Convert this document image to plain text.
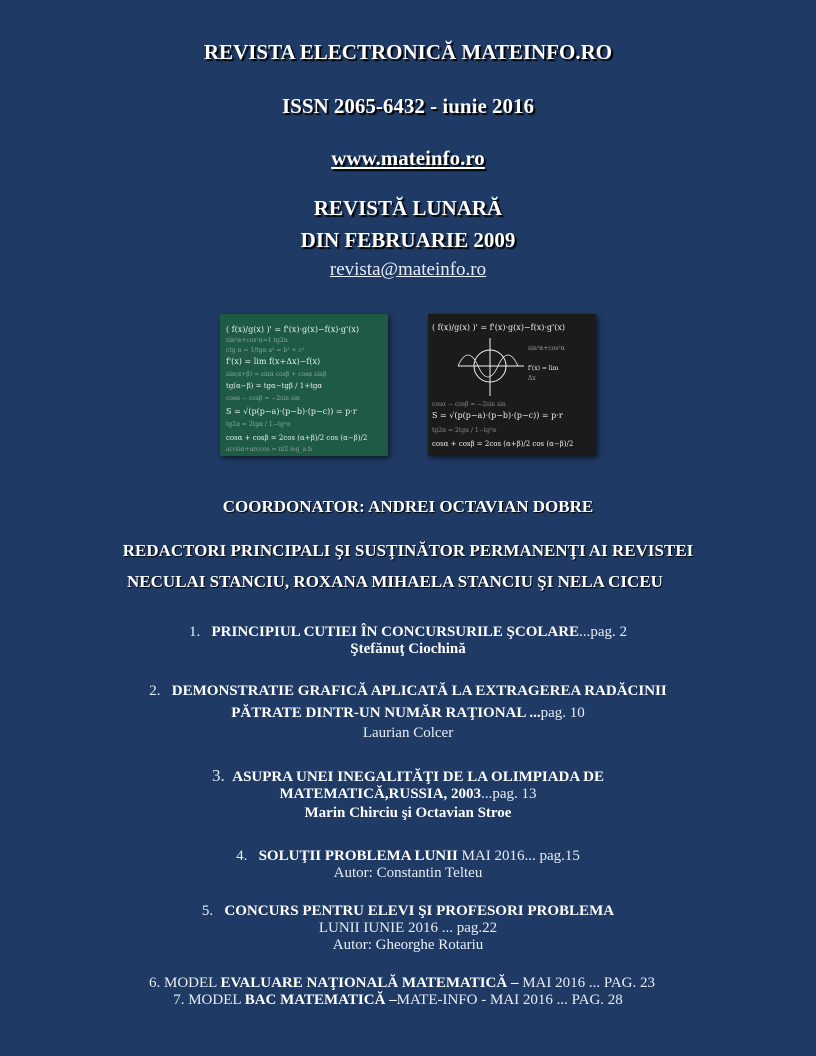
REVISTA ELECTRONICĂ MATEINFO.RO
ISSN 2065-6432 - iunie 2016
www.mateinfo.ro
REVISTĂ LUNARĂ
DIN FEBRUARIE 2009
revista@mateinfo.ro
( f(x)/g(x) )' = f'(x)·g(x)−f(x)·g'(x)
sin²α+cos²α=1 tg2α
ctg α = 1/tgα a² = b² + c²
f'(x) = lim f(x+Δx)−f(x)
sin(α+β) = sinα cosβ + cosα sinβ
tg(α−β) = tgα−tgβ / 1+tgα
cosα − cosβ = −2sin sin
S = √(p(p−a)·(p−b)·(p−c)) = p·r
tg2α = 2tgα / 1−tg²α
cosα + cosβ = 2cos (α+β)/2 cos (α−β)/2
arcsin+arccos = π/2 log_a b
( f(x)/g(x) )' = f'(x)·g(x)−f(x)·g'(x)
sin²α+cos²α
f'(x) = lim
Δx
cosα − cosβ = −2sin sin
S = √(p(p−a)·(p−b)·(p−c)) = p·r
tg2α = 2tgα / 1−tg²α
cosα + cosβ = 2cos (α+β)/2 cos (α−β)/2
COORDONATOR: ANDREI OCTAVIAN DOBRE
REDACTORI PRINCIPALI ŞI SUSŢINĂTOR PERMANENŢI AI REVISTEI
NECULAI STANCIU, ROXANA MIHAELA STANCIU ŞI NELA CICEU
1. PRINCIPIUL CUTIEI ÎN CONCURSURILE ŞCOLARE...pag. 2
Ştefănuţ Ciochină
2. DEMONSTRATIE GRAFICĂ APLICATĂ LA EXTRAGEREA RADĂCINII
PĂTRATE DINTR-UN NUMĂR RAŢIONAL ...pag. 10
Laurian Colcer
3. ASUPRA UNEI INEGALITĂŢI DE LA OLIMPIADA DE
MATEMATICĂ,RUSSIA, 2003...pag. 13
Marin Chirciu şi Octavian Stroe
4. SOLUŢII PROBLEMA LUNII MAI 2016... pag.15
Autor: Constantin Telteu
5. CONCURS PENTRU ELEVI ŞI PROFESORI PROBLEMA
LUNII IUNIE 2016 ... pag.22
Autor: Gheorghe Rotariu
6. MODEL EVALUARE NAŢIONALĂ MATEMATICĂ – MAI 2016 ... PAG. 23
7. MODEL BAC MATEMATICĂ –MATE-INFO - MAI 2016 ... PAG. 28
